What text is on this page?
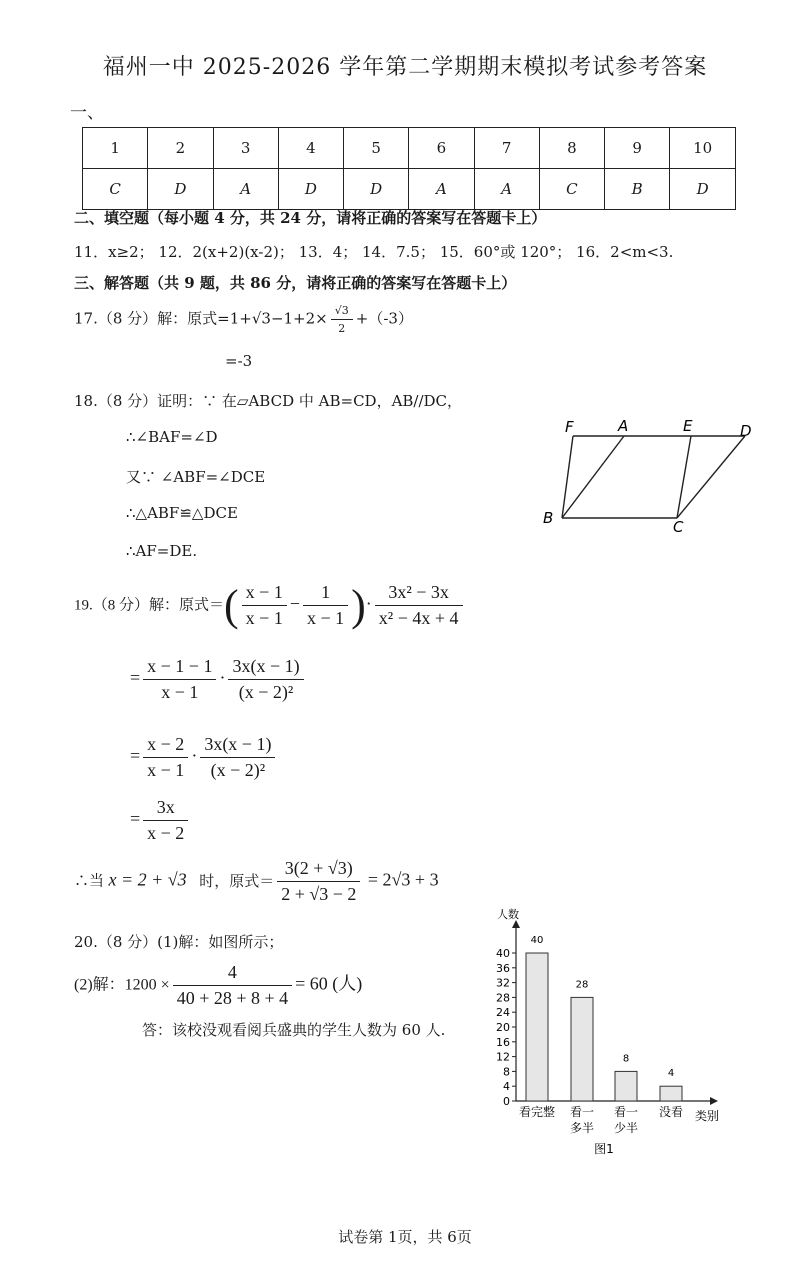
福州一中 2025-2026 学年第二学期期末模拟考试参考答案
一、
1	2	3	4	5	6	7	8	9	10
C	D	A	D	D	A	A	C	B	D
二、填空题（每小题 4 分，共 24 分，请将正确的答案写在答题卡上）
11．x≥2； 12．2(x+2)(x-2)； 13．4； 14．7.5； 15．60°或 120°； 16．2<m<3.
三、解答题（共 9 题，共 86 分，请将正确的答案写在答题卡上）
17.（8 分）解：原式$=1+√3-1+2\times \frac{√3}{2} +(-3)$
=-3
18.（8 分）证明：∵ 在▱ABCD 中 AB=CD，AB//DC，
∴∠BAF=∠D
又∵ ∠ABF=∠DCE
∴△ABF≌△DCE
∴AF=DE.
F	A	E	D
B	C
19.（8 分）解：原式＝( $\frac{x - 1}{x - 1} - \frac{1}{x - 1}$ )· $\frac{\text{3x² − 3x}}{\text{x² − 4x + 4}}$
= $\frac{x - 1 - 1}{x - 1} \cdot \frac{3x(x - 1)}{\text{(x − 2)²}}$
= $\frac{x - 2}{x - 1} \cdot \frac{3x(x - 1)}{\text{(x − 2)²}}$
= $\frac{3x}{x - 2}$
∴当 x = 2 + √3 时，原式＝ $\frac{3(2 + √3)}{2 + √3 - 2} = 2√3 + 3$
20.（8 分）(1)解：如图所示；
(2)解：$1200 \times \frac{4}{40 + 28 + 8 + 4} = 60$ (人)
答：该校没观看阅兵盛典的学生人数为 60 人.
人数
0
4
8
12
16
20
24
28
32
36
40
40
28
8
4
看完整 看一
多半
看一
少半
没看 类别
图1
试卷第 1页，共 6页
